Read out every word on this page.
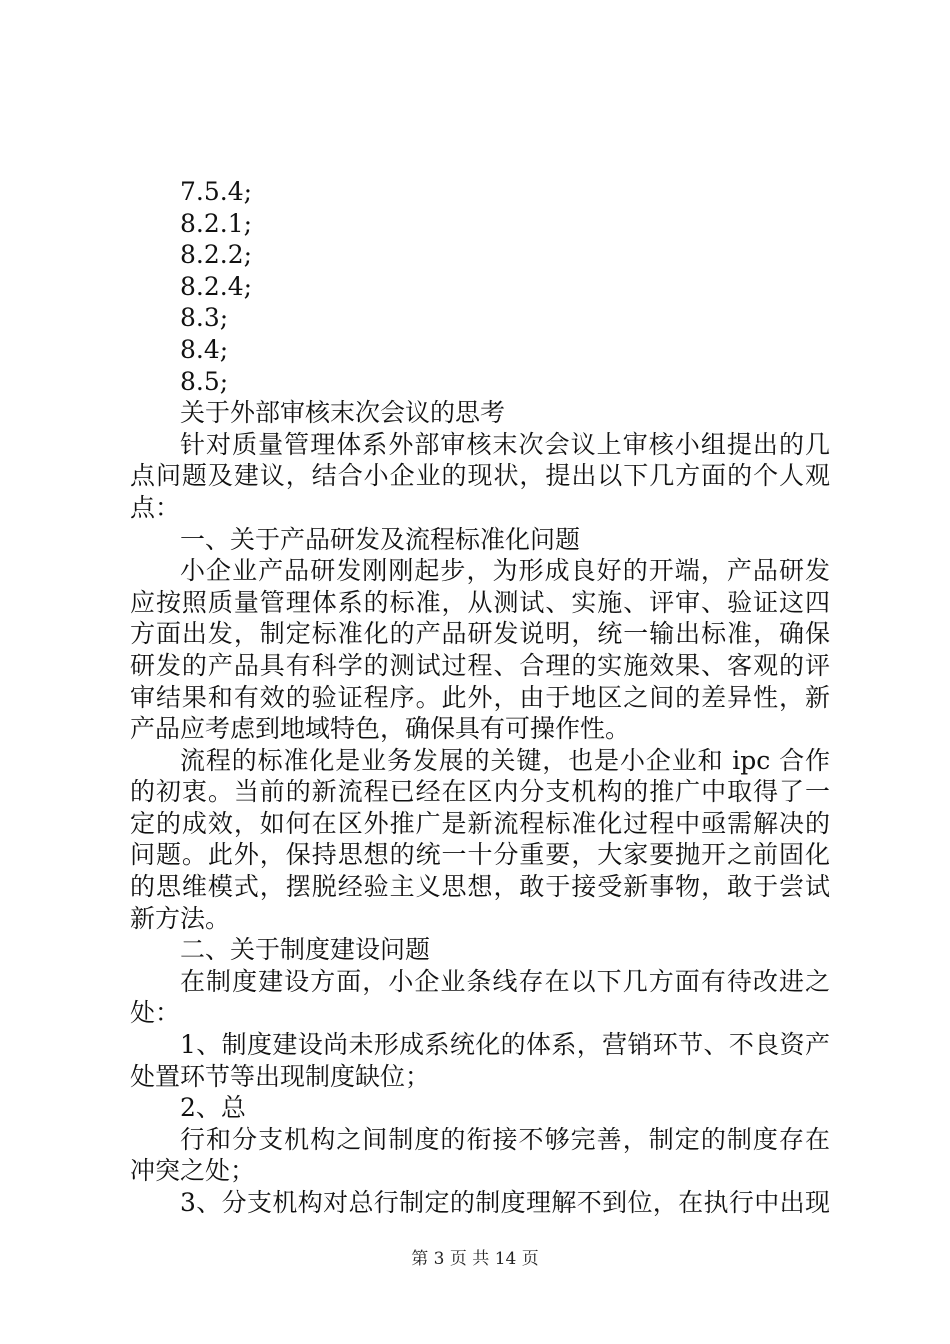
7.5.4;
8.2.1;
8.2.2;
8.2.4;
8.3;
8.4;
8.5;
关于外部审核末次会议的思考
针对质量管理体系外部审核末次会议上审核小组提出的几
点问题及建议，结合小企业的现状，提出以下几方面的个人观
点：
一、关于产品研发及流程标准化问题
小企业产品研发刚刚起步，为形成良好的开端，产品研发
应按照质量管理体系的标准，从测试、实施、评审、验证这四
方面出发，制定标准化的产品研发说明，统一输出标准，确保
研发的产品具有科学的测试过程、合理的实施效果、客观的评
审结果和有效的验证程序。此外，由于地区之间的差异性，新
产品应考虑到地域特色，确保具有可操作性。
流程的标准化是业务发展的关键，也是小企业和 ipc 合作
的初衷。当前的新流程已经在区内分支机构的推广中取得了一
定的成效，如何在区外推广是新流程标准化过程中亟需解决的
问题。此外，保持思想的统一十分重要，大家要抛开之前固化
的思维模式，摆脱经验主义思想，敢于接受新事物，敢于尝试
新方法。
二、关于制度建设问题
在制度建设方面，小企业条线存在以下几方面有待改进之
处：
1、制度建设尚未形成系统化的体系，营销环节、不良资产
处置环节等出现制度缺位；
2、总
行和分支机构之间制度的衔接不够完善，制定的制度存在
冲突之处；
3、分支机构对总行制定的制度理解不到位，在执行中出现
第 3 页 共 14 页
